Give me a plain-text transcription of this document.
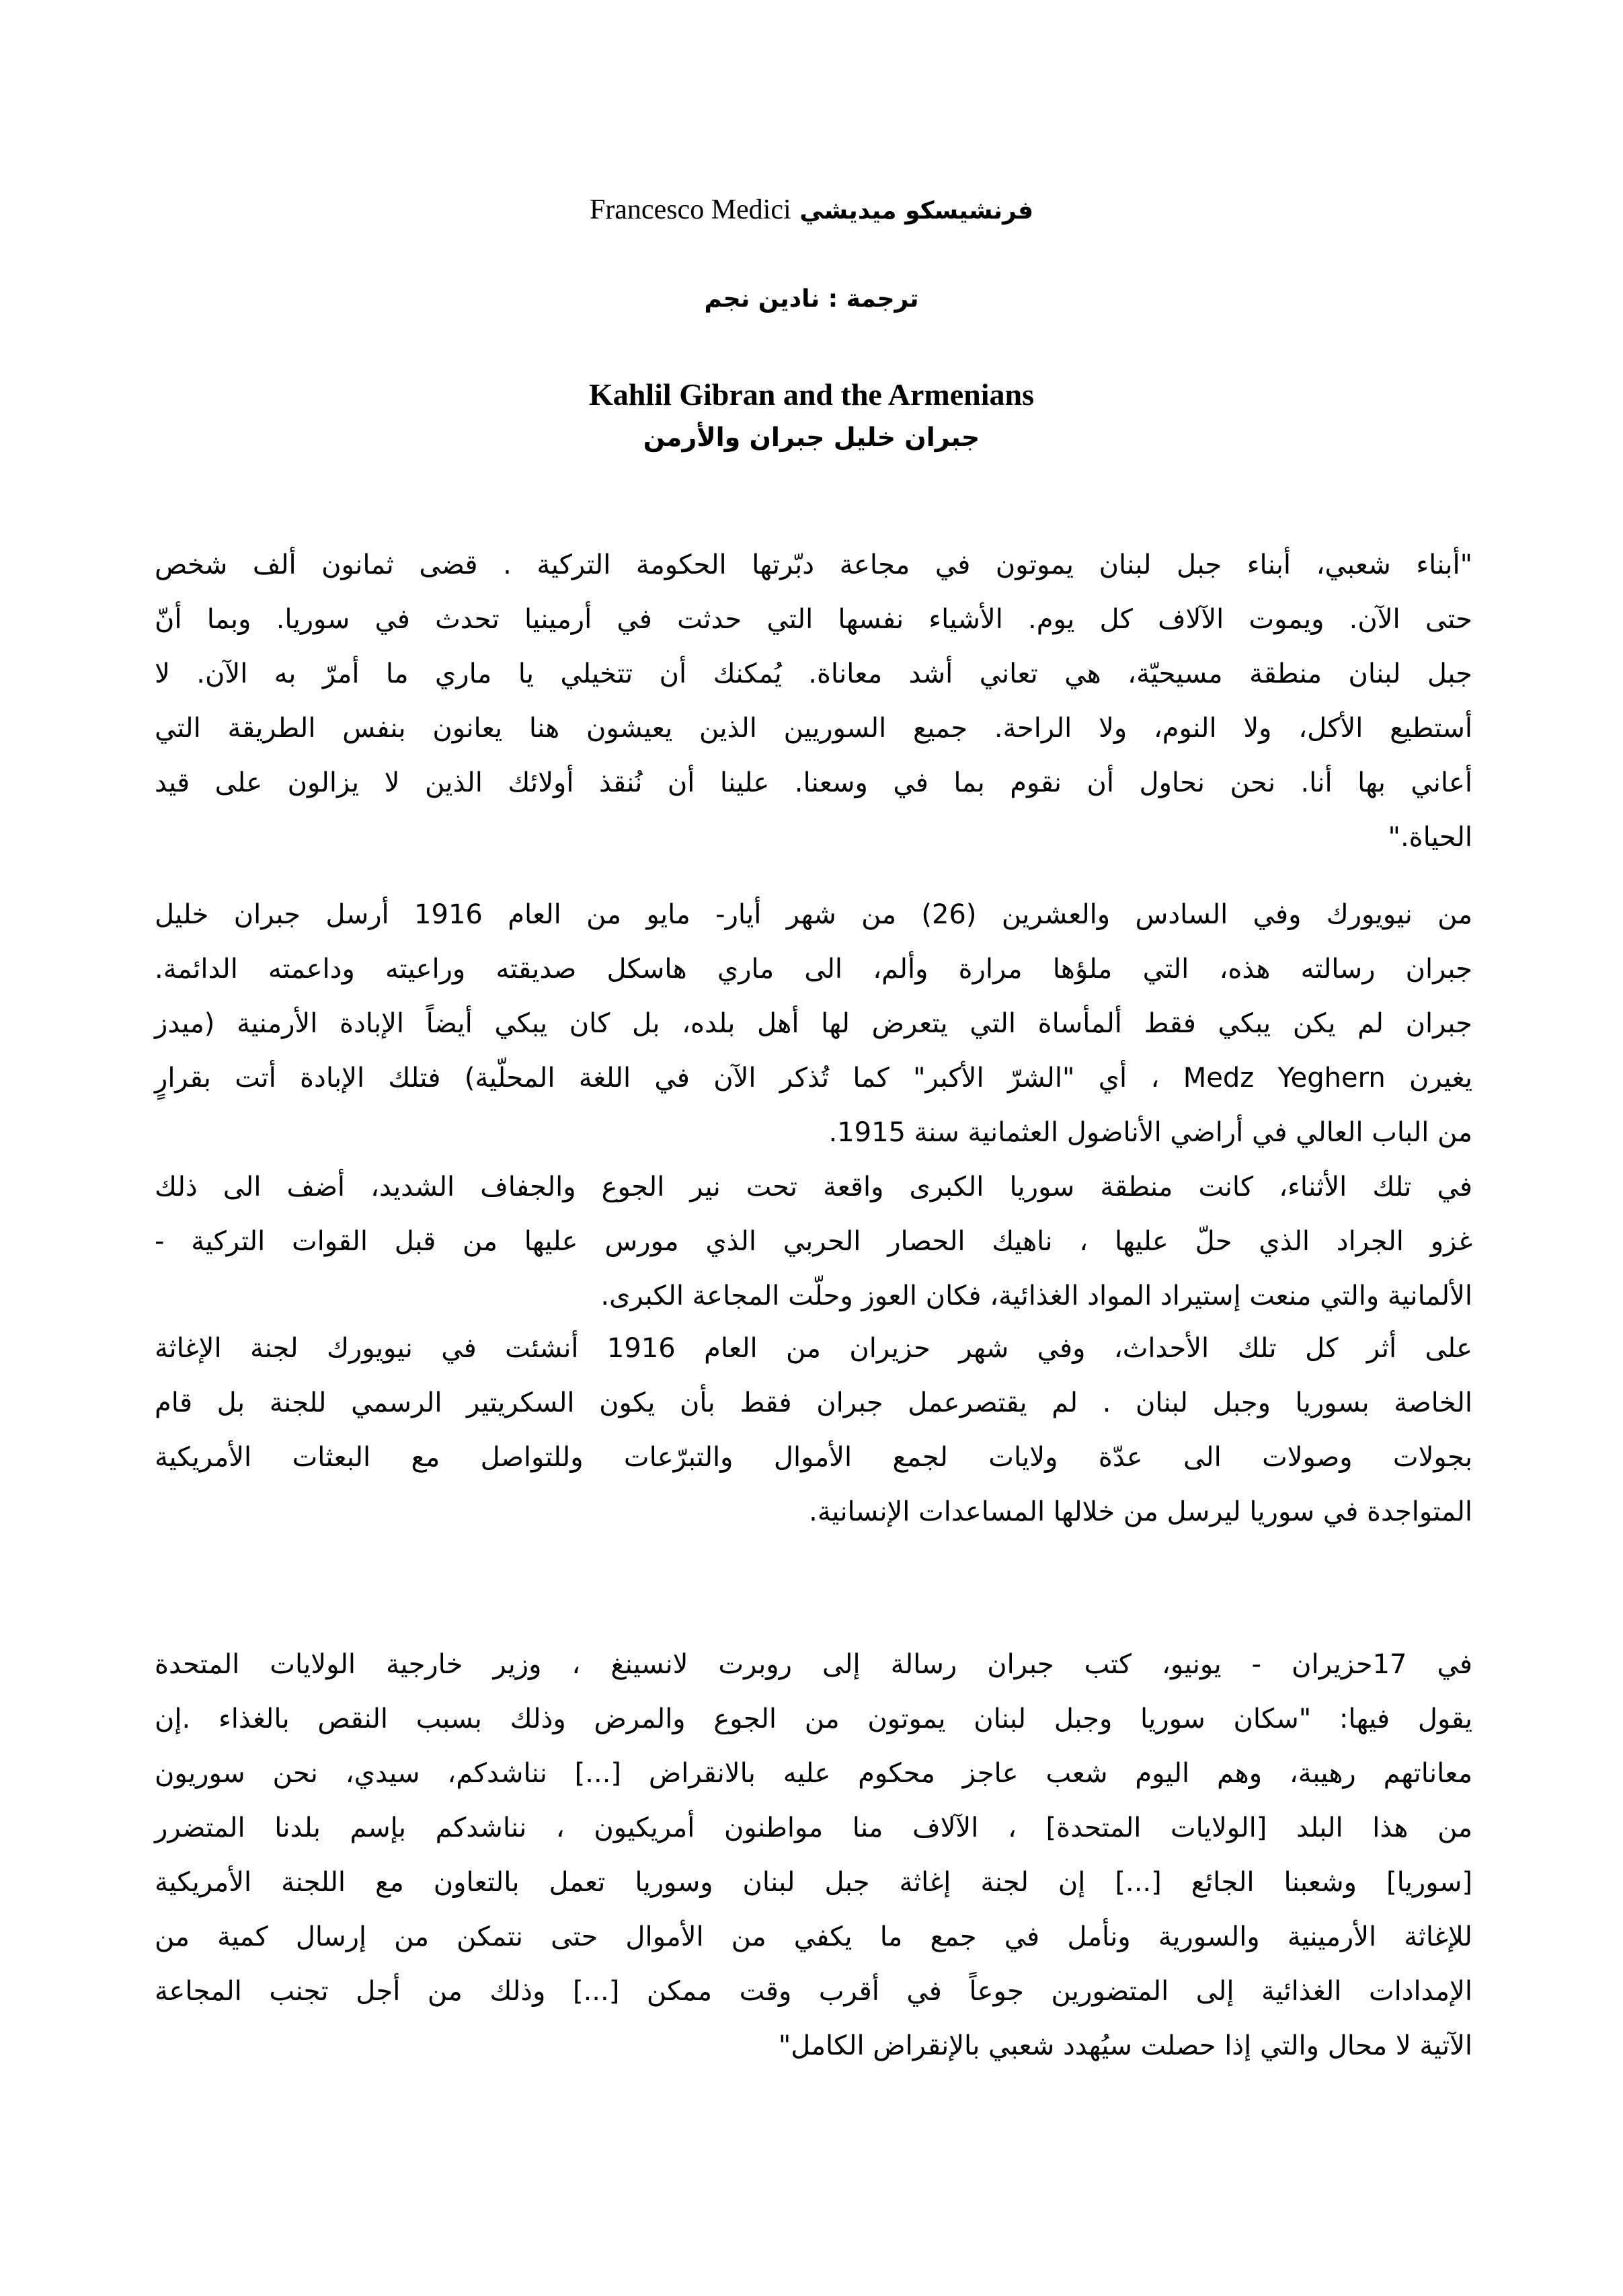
فرنشيسكو ميديشي Francesco Medici
ترجمة : نادين نجم
Kahlil Gibran and the Armenians
جبران خليل جبران والأرمن
"أبناء شعبي، أبناء جبل لبنان يموتون في مجاعة دبّرتها الحكومة التركية . قضى ثمانون ألف شخص
حتى الآن. ويموت الآلاف كل يوم. الأشياء نفسها التي حدثت في أرمينيا تحدث في سوريا. وبما أنّ
جبل لبنان منطقة مسيحيّة، هي تعاني أشد معاناة. يُمكنك أن تتخيلي يا ماري ما أمرّ به الآن. لا
أستطيع الأكل، ولا النوم، ولا الراحة. جميع السوريين الذين يعيشون هنا يعانون بنفس الطريقة التي
أعاني بها أنا. نحن نحاول أن نقوم بما في وسعنا. علينا أن نُنقذ أولائك الذين لا يزالون على قيد
الحياة."
من نيويورك وفي السادس والعشرين (26) من شهر أيار- مايو من العام 1916 أرسل جبران خليل
جبران رسالته هذه، التي ملؤها مرارة وألم، الى ماري هاسكل صديقته وراعيته وداعمته الدائمة.
جبران لم يكن يبكي فقط ألمأساة التي يتعرض لها أهل بلده، بل كان يبكي أيضاً الإبادة الأرمنية (ميدز
يغيرن Medz Yeghern ، أي "الشرّ الأكبر" كما تُذكر الآن في اللغة المحلّية) فتلك الإبادة أتت بقرارٍ
من الباب العالي في أراضي الأناضول العثمانية سنة 1915.
في تلك الأثناء، كانت منطقة سوريا الكبرى واقعة تحت نير الجوع والجفاف الشديد، أضف الى ذلك
غزو الجراد الذي حلّ عليها ، ناهيك الحصار الحربي الذي مورس عليها من قبل القوات التركية -
الألمانية والتي منعت إستيراد المواد الغذائية، فكان العوز وحلّت المجاعة الكبرى.
على أثر كل تلك الأحداث، وفي شهر حزيران من العام 1916 أنشئت في نيويورك لجنة الإغاثة
الخاصة بسوريا وجبل لبنان . لم يقتصرعمل جبران فقط بأن يكون السكريتير الرسمي للجنة بل قام
بجولات وصولات الى عدّة ولايات لجمع الأموال والتبرّعات وللتواصل مع البعثات الأمريكية
المتواجدة في سوريا ليرسل من خلالها المساعدات الإنسانية.
في 17حزيران - يونيو، كتب جبران رسالة إلى روبرت لانسينغ ، وزير خارجية الولايات المتحدة
يقول فيها: "سكان سوريا وجبل لبنان يموتون من الجوع والمرض وذلك بسبب النقص بالغذاء .إن
معاناتهم رهيبة، وهم اليوم شعب عاجز محكوم عليه بالانقراض [...] نناشدكم، سيدي، نحن سوريون
من هذا البلد [الولايات المتحدة] ، الآلاف منا مواطنون أمريكيون ، نناشدكم بإسم بلدنا المتضرر
[سوريا] وشعبنا الجائع [...] إن لجنة إغاثة جبل لبنان وسوريا تعمل بالتعاون مع اللجنة الأمريكية
للإغاثة الأرمينية والسورية ونأمل في جمع ما يكفي من الأموال حتى نتمكن من إرسال كمية من
الإمدادات الغذائية إلى المتضورين جوعاً في أقرب وقت ممكن [...] وذلك من أجل تجنب المجاعة
الآتية لا محال والتي إذا حصلت سيُهدد شعبي بالإنقراض الكامل"
